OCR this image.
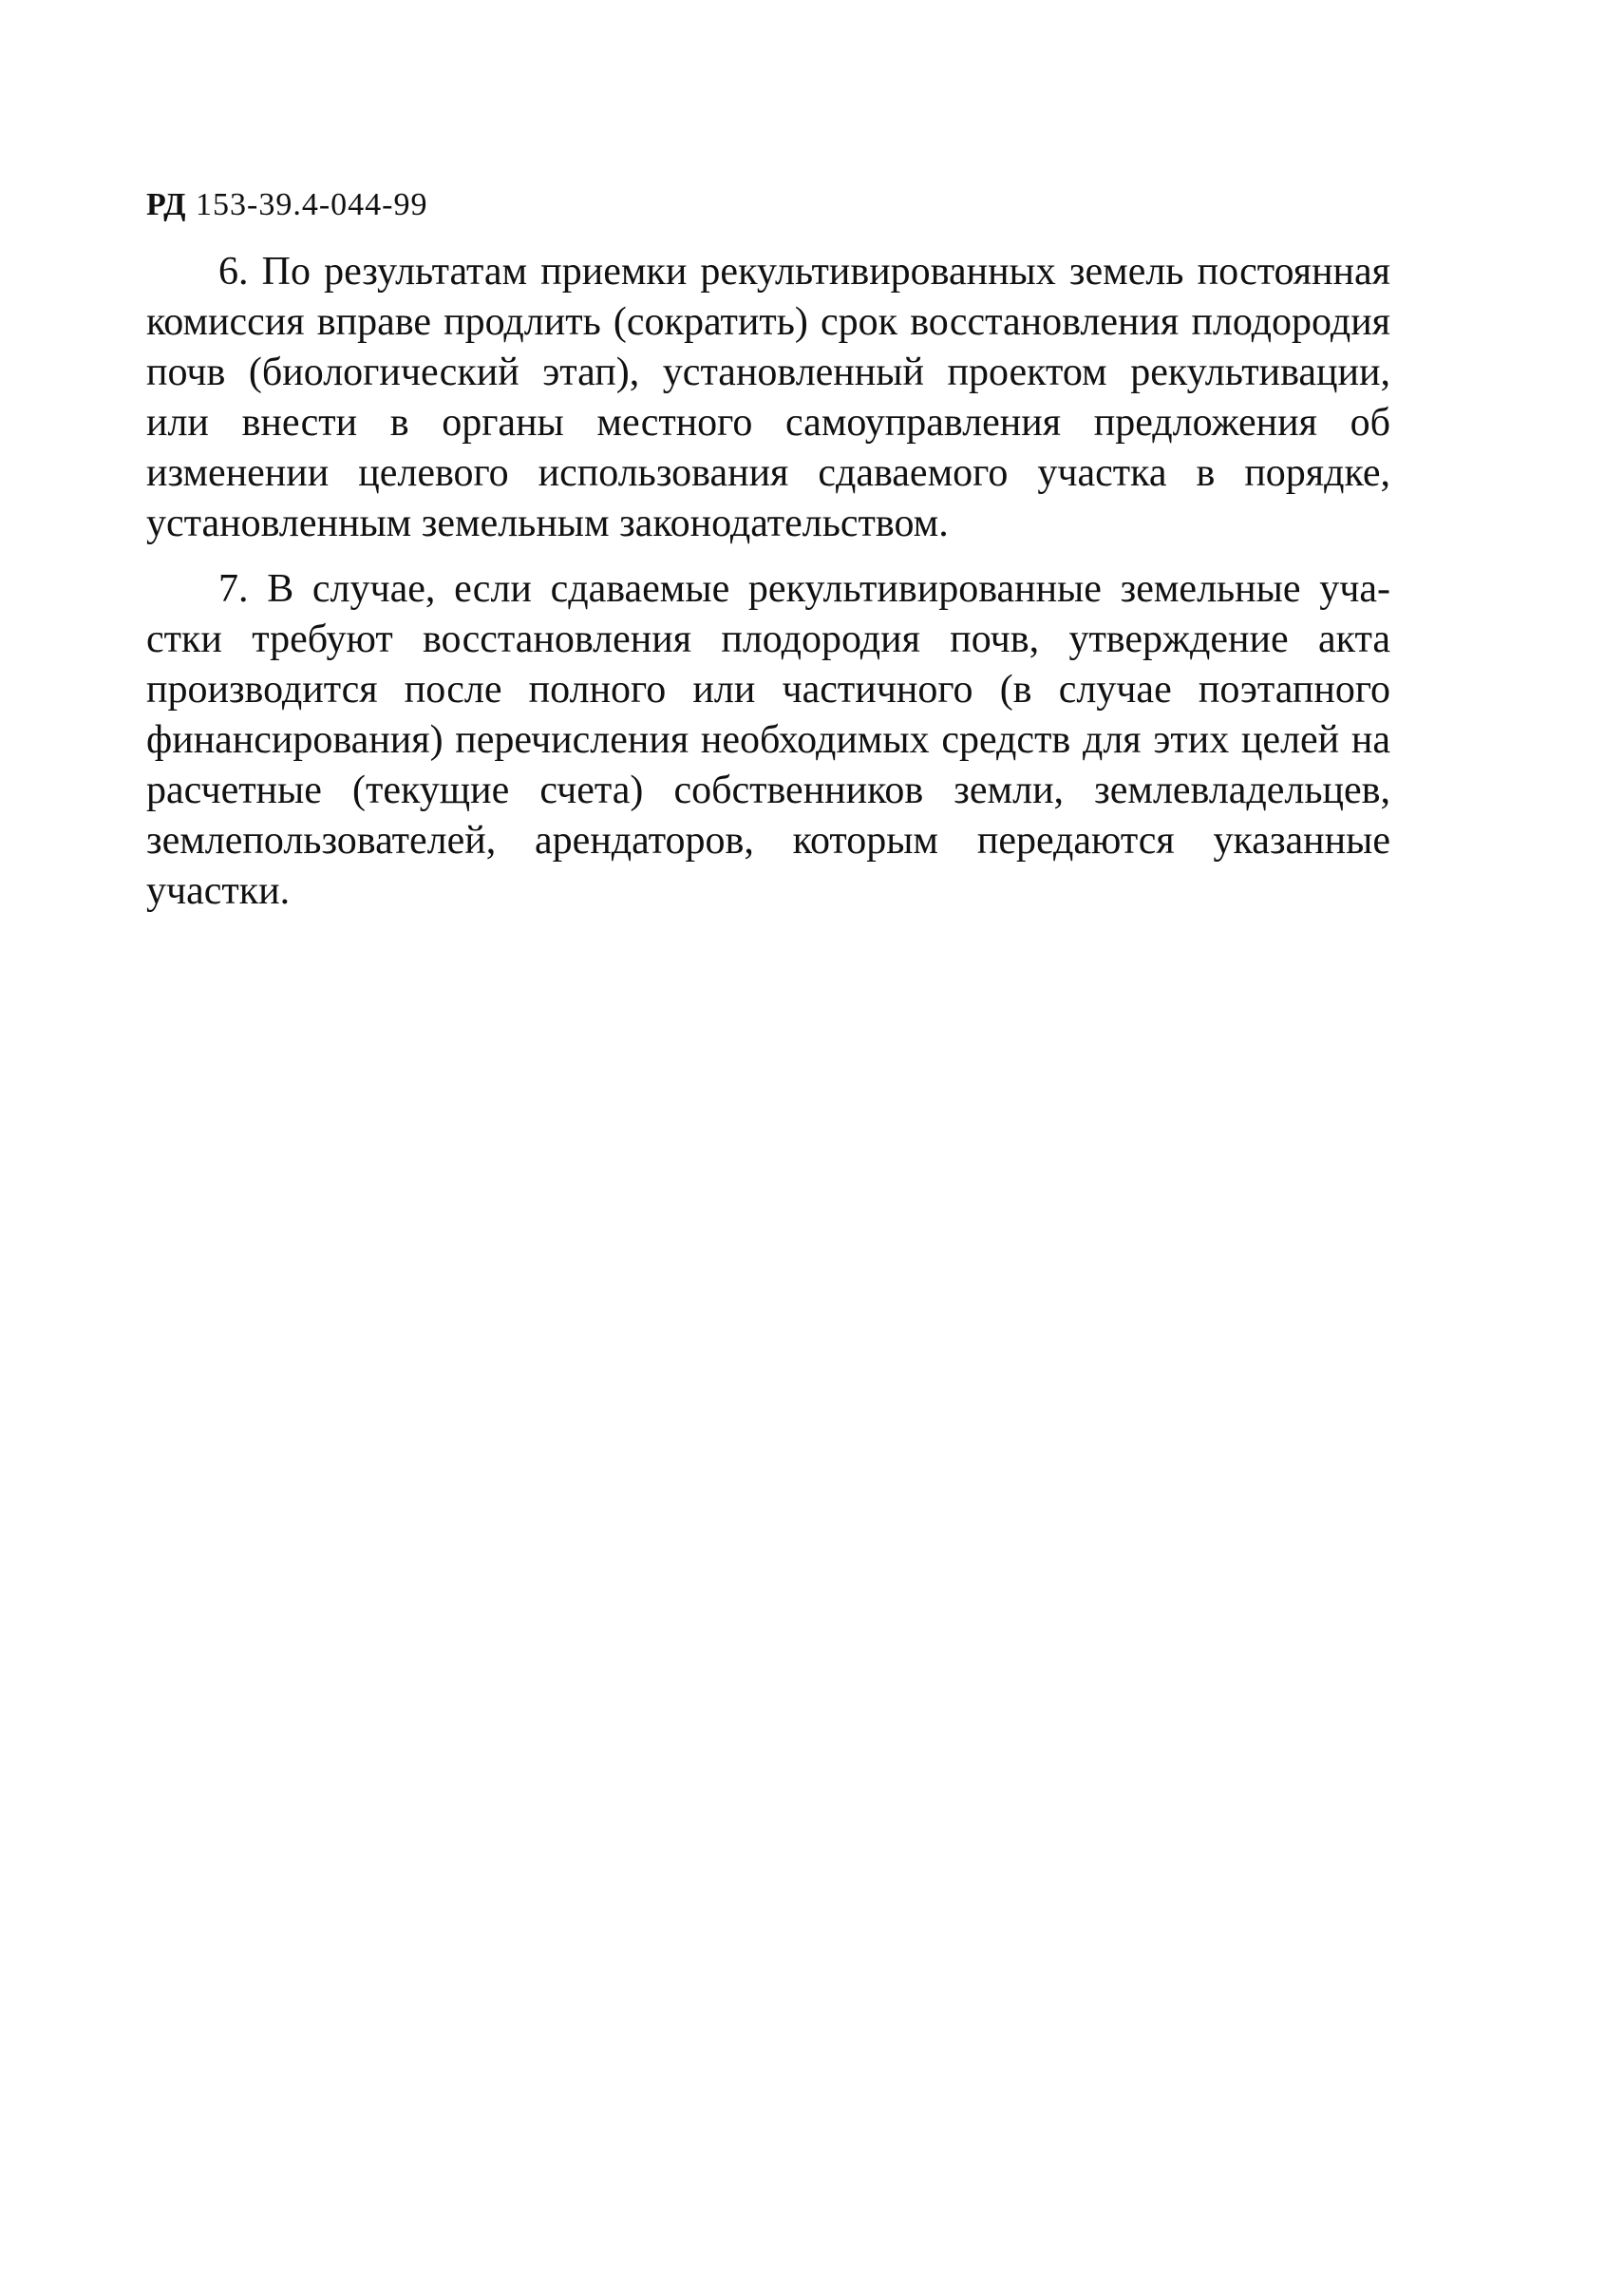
РД 153-39.4-044-99

6. По результатам приемки рекультивированных земель постоянная комиссия вправе продлить (сократить) срок восстановления плодородия почв (биологический этап), установленный проектом рекультивации, или внести в органы местного самоуправления предложения об изменении целевого использования сдаваемого участка в порядке, установленным земельным законодательством.

7. В случае, если сдаваемые рекультивированные земельные участки требуют восстановления плодородия почв, утверждение акта производится после полного или частичного (в случае поэтапного финансирования) перечисления необходимых средств для этих целей на расчетные (текущие счета) собственников земли, землевладельцев, землепользователей, арендаторов, которым передаются указанные участки.
